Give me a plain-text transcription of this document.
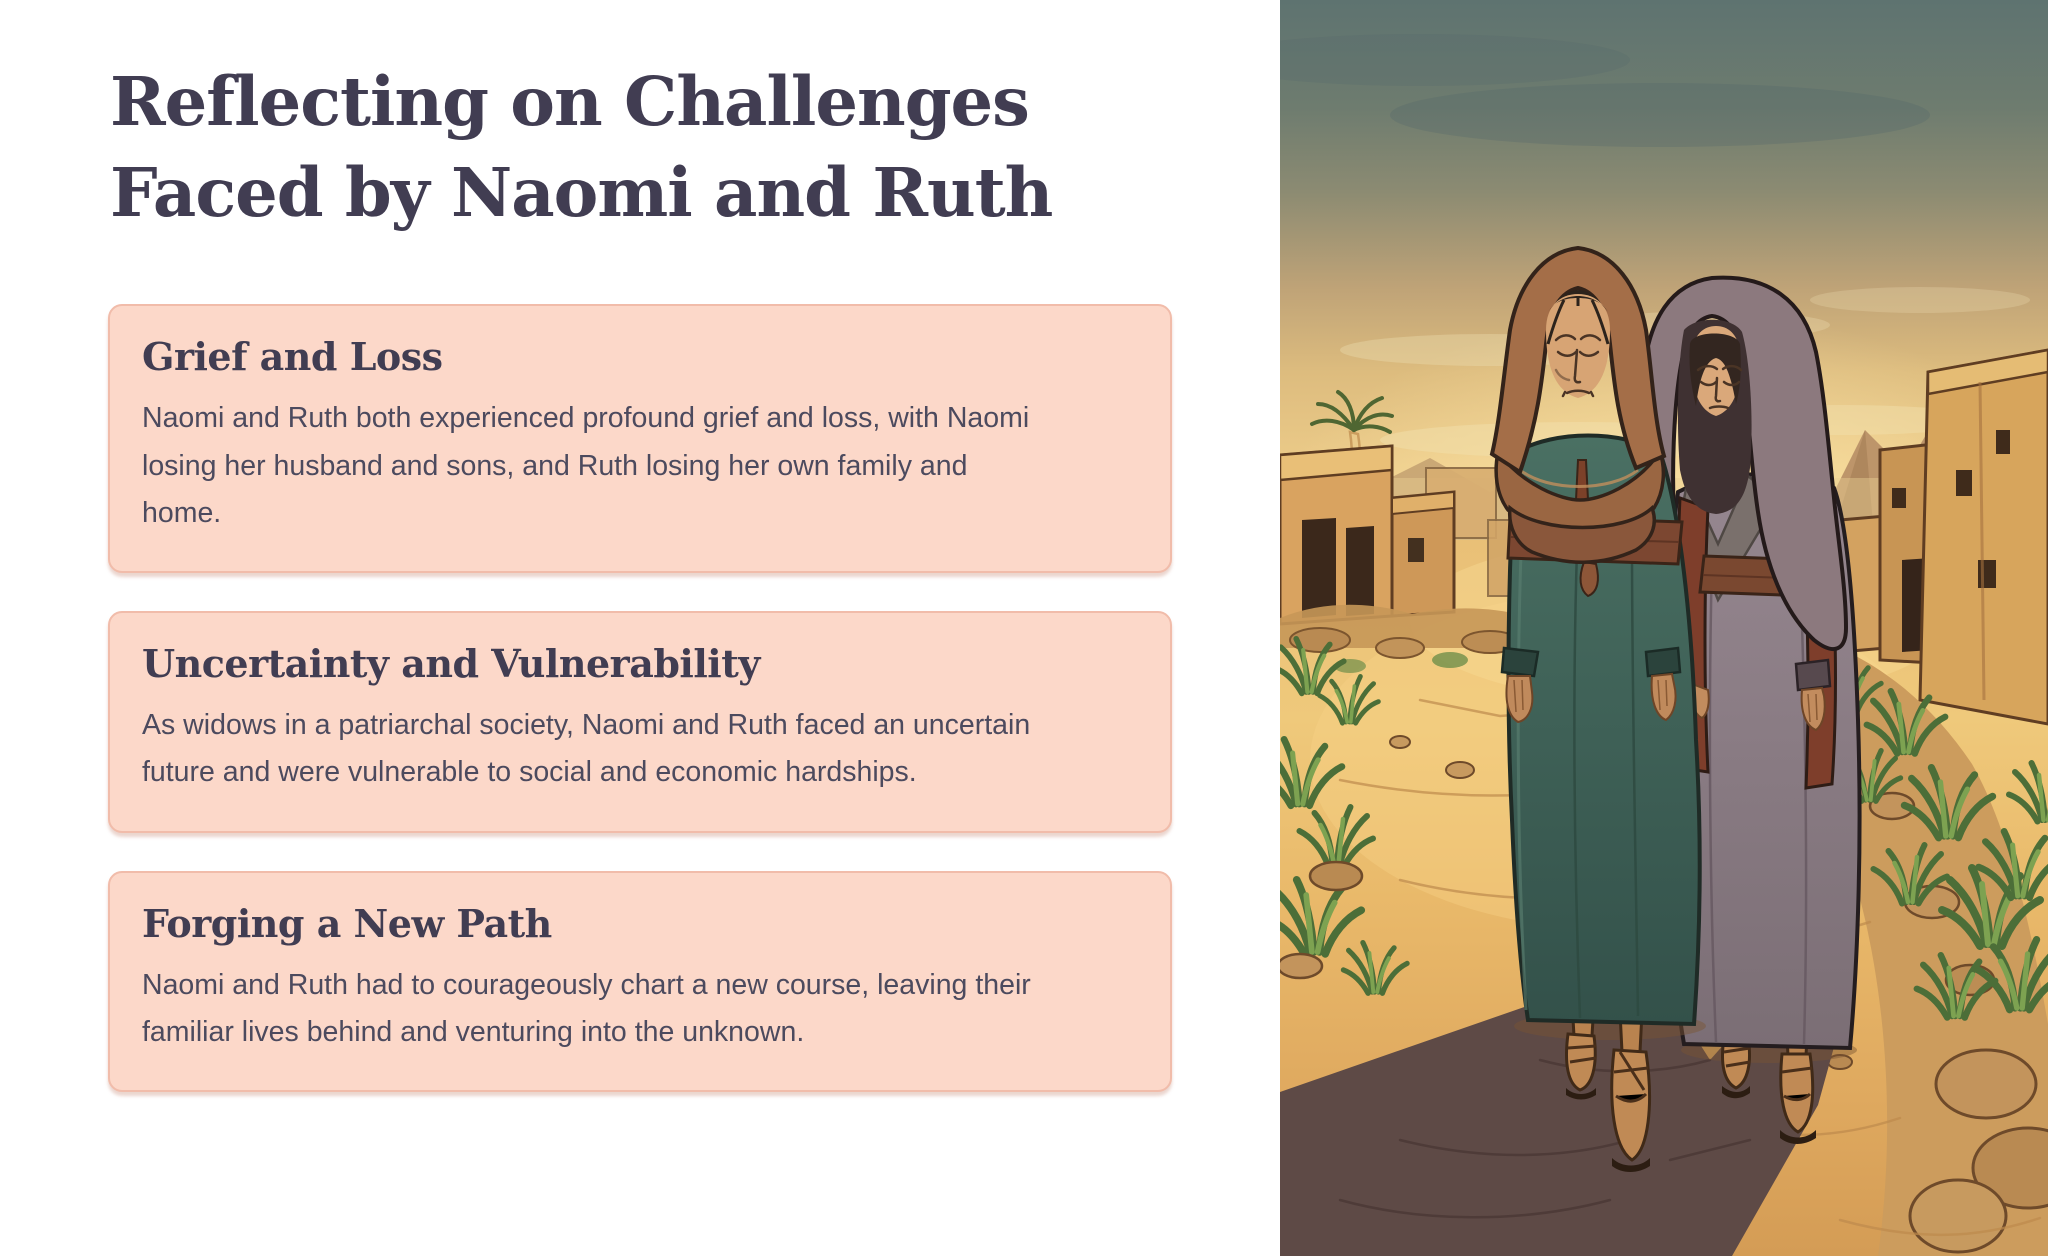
Reflecting on Challenges
Faced by Naomi and Ruth
Grief and Loss

Naomi and Ruth both experienced profound grief and loss, with Naomi losing her husband and sons, and Ruth losing her own family and home.

Uncertainty and Vulnerability

As widows in a patriarchal society, Naomi and Ruth faced an uncertain future and were vulnerable to social and economic hardships.

Forging a New Path

Naomi and Ruth had to courageously chart a new course, leaving their familiar lives behind and venturing into the unknown.
